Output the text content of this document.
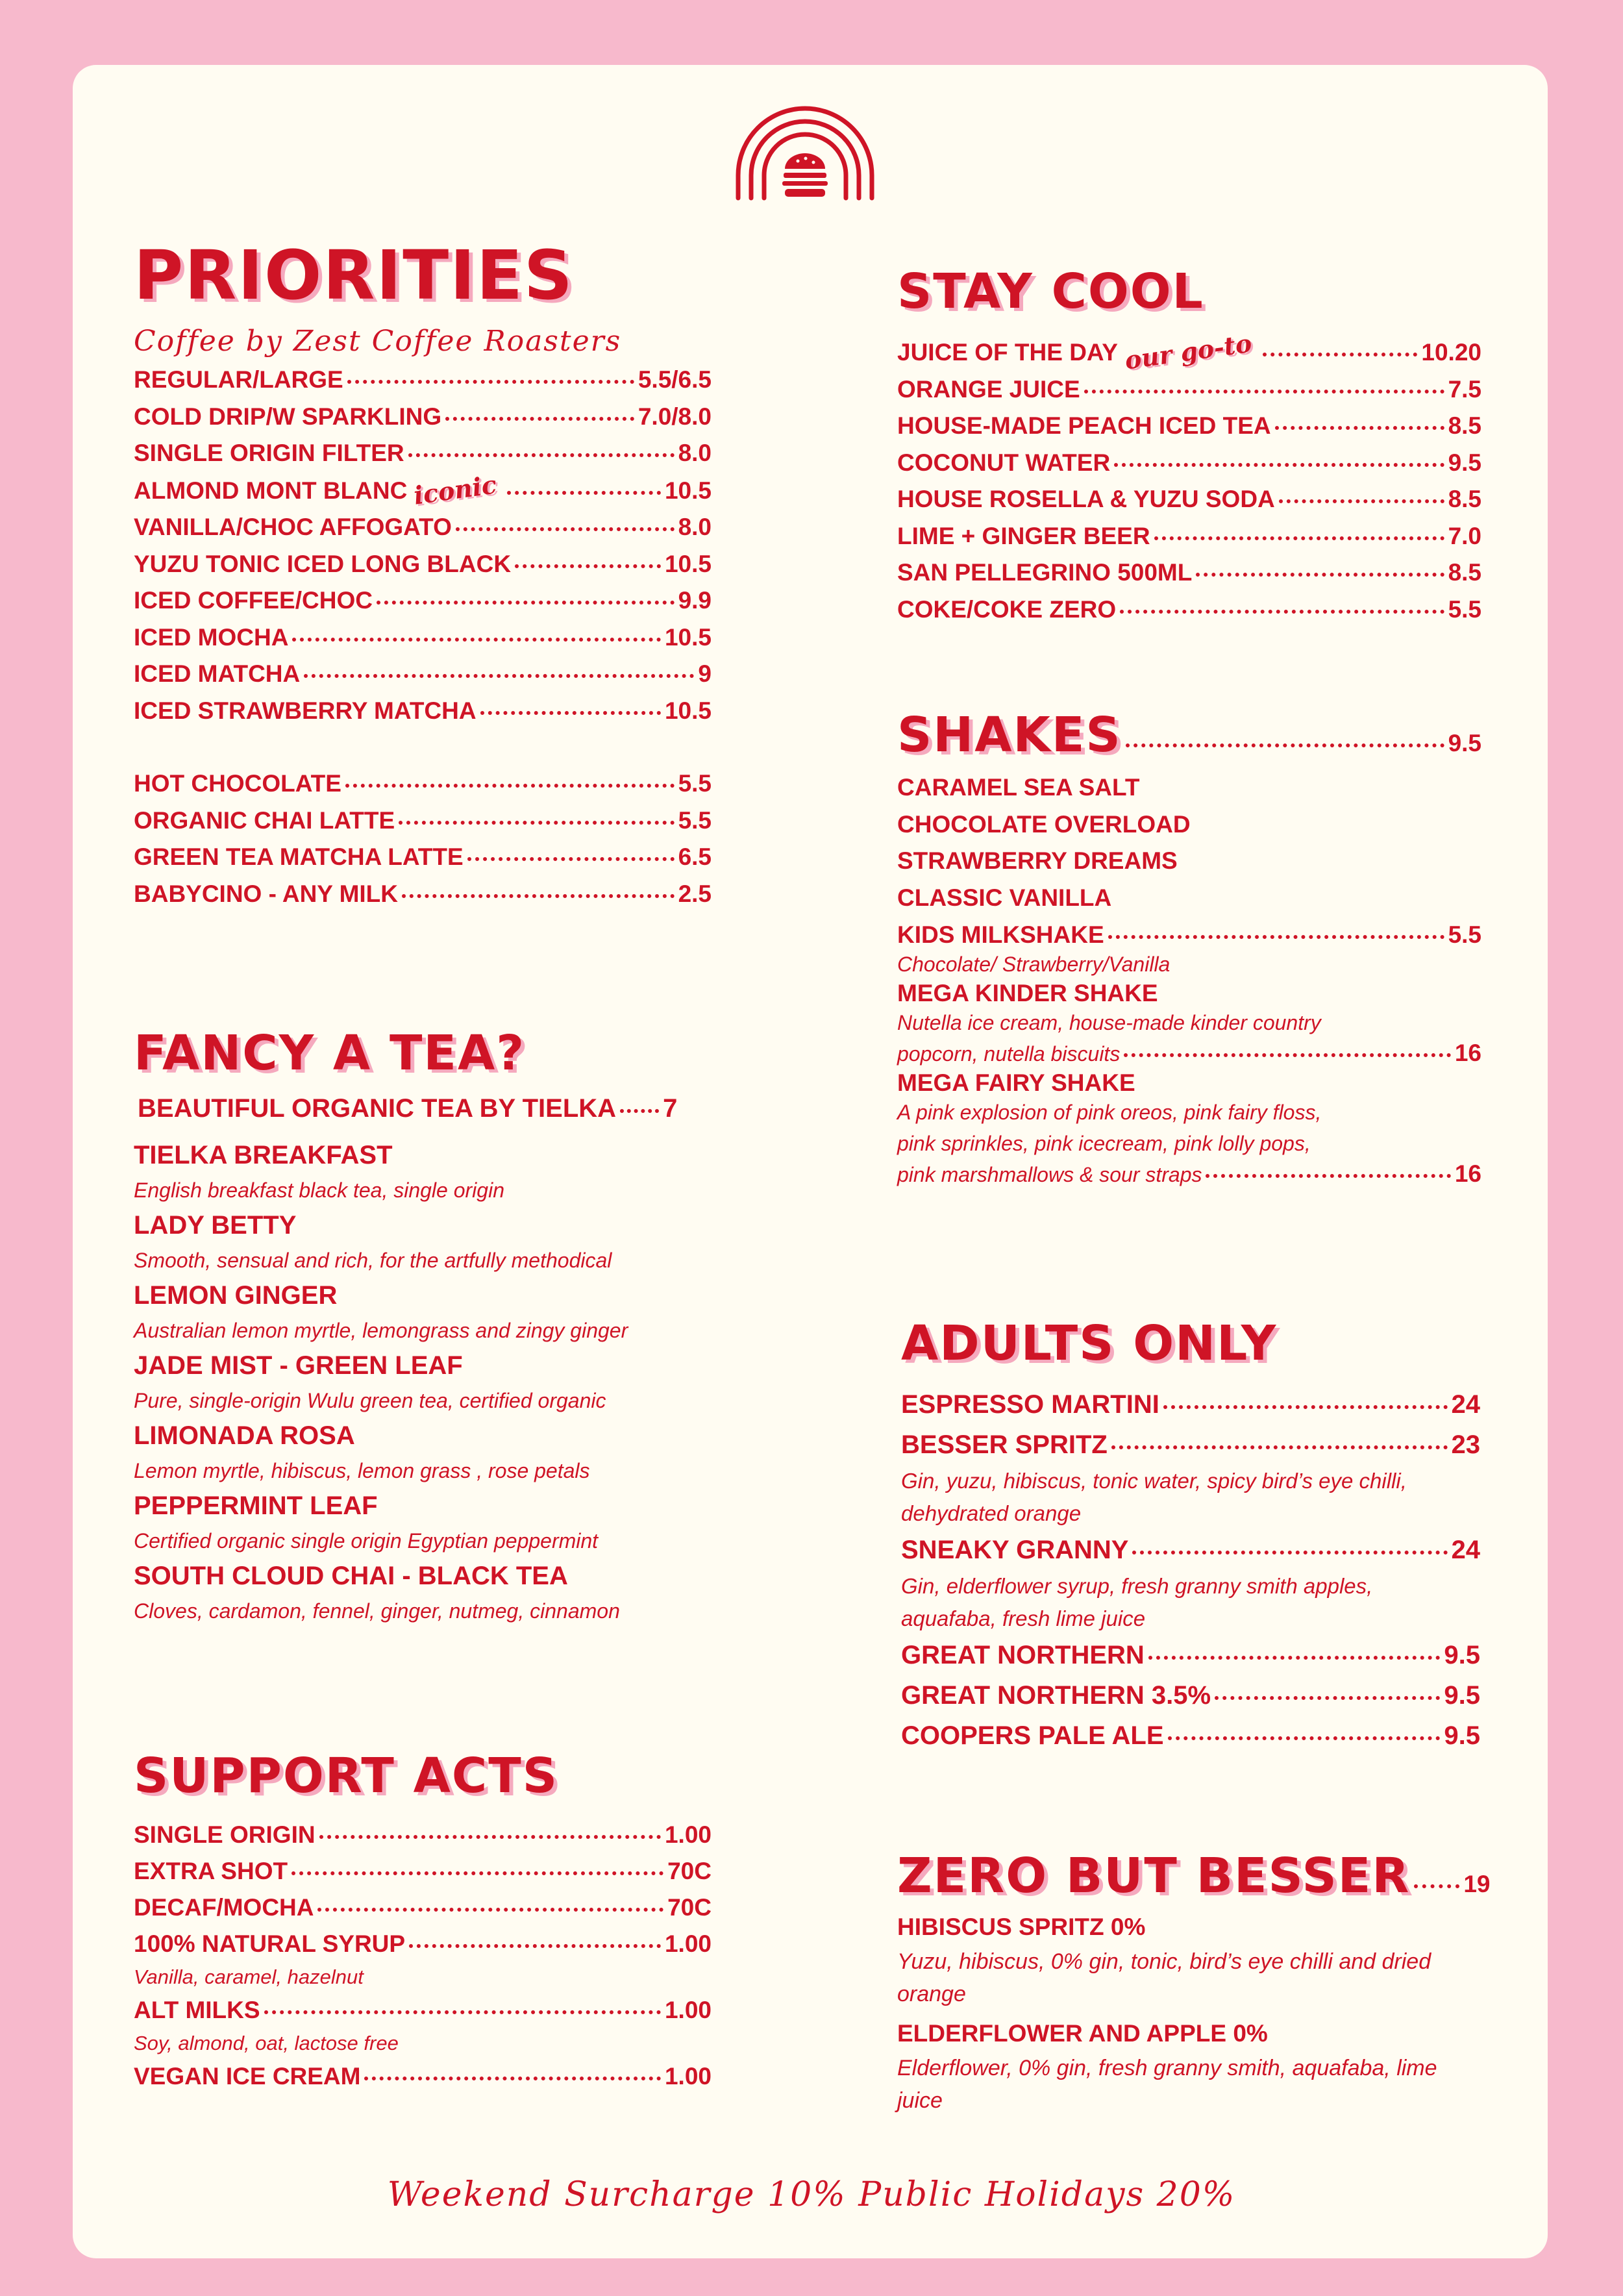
PRIORITIES
Coffee by Zest Coffee Roasters
REGULAR/LARGE	5.5/6.5
COLD DRIP/W SPARKLING	7.0/8.0
SINGLE ORIGIN FILTER	8.0
ALMOND MONT BLANC iconic	10.5
VANILLA/CHOC AFFOGATO	8.0
YUZU TONIC ICED LONG BLACK	10.5
ICED COFFEE/CHOC	9.9
ICED MOCHA	10.5
ICED MATCHA	9
ICED STRAWBERRY MATCHA	10.5
HOT CHOCOLATE	5.5
ORGANIC CHAI LATTE	5.5
GREEN TEA MATCHA LATTE	6.5
BABYCINO - ANY MILK	2.5
FANCY A TEA?
BEAUTIFUL ORGANIC TEA BY TIELKA 7
TIELKA BREAKFAST
English breakfast black tea, single origin
LADY BETTY
Smooth, sensual and rich, for the artfully methodical
LEMON GINGER
Australian lemon myrtle, lemongrass and zingy ginger
JADE MIST - GREEN LEAF
Pure, single-origin Wulu green tea, certified organic
LIMONADA ROSA
Lemon myrtle, hibiscus, lemon grass , rose petals
PEPPERMINT LEAF
Certified organic single origin Egyptian peppermint
SOUTH CLOUD CHAI - BLACK TEA
Cloves, cardamon, fennel, ginger, nutmeg, cinnamon
SUPPORT ACTS
SINGLE ORIGIN	1.00
EXTRA SHOT	70C
DECAF/MOCHA	70C
100% NATURAL SYRUP	1.00
Vanilla, caramel, hazelnut
ALT MILKS	1.00
Soy, almond, oat, lactose free
VEGAN ICE CREAM	1.00
STAY COOL
JUICE OF THE DAY our go-to	10.20
ORANGE JUICE	7.5
HOUSE-MADE PEACH ICED TEA	8.5
COCONUT WATER	9.5
HOUSE ROSELLA & YUZU SODA	8.5
LIME + GINGER BEER	7.0
SAN PELLEGRINO 500ML	8.5
COKE/COKE ZERO	5.5
SHAKES	9.5
CARAMEL SEA SALT
CHOCOLATE OVERLOAD
STRAWBERRY DREAMS
CLASSIC VANILLA
KIDS MILKSHAKE	5.5
Chocolate/ Strawberry/Vanilla
MEGA KINDER SHAKE
Nutella ice cream, house-made kinder country
popcorn, nutella biscuits	16
MEGA FAIRY SHAKE
A pink explosion of pink oreos, pink fairy floss,
pink sprinkles, pink icecream, pink lolly pops,
pink marshmallows & sour straps	16
ADULTS ONLY
ESPRESSO MARTINI	24
BESSER SPRITZ	23
Gin, yuzu, hibiscus, tonic water, spicy bird’s eye chilli, dehydrated orange
SNEAKY GRANNY	24
Gin, elderflower syrup, fresh granny smith apples, aquafaba, fresh lime juice
GREAT NORTHERN	9.5
GREAT NORTHERN 3.5%	9.5
COOPERS PALE ALE	9.5
ZERO BUT BESSER 19
HIBISCUS SPRITZ 0%
Yuzu, hibiscus, 0% gin, tonic, bird’s eye chilli and dried orange
ELDERFLOWER AND APPLE 0%
Elderflower, 0% gin, fresh granny smith, aquafaba, lime juice
Weekend Surcharge 10% Public Holidays 20%
